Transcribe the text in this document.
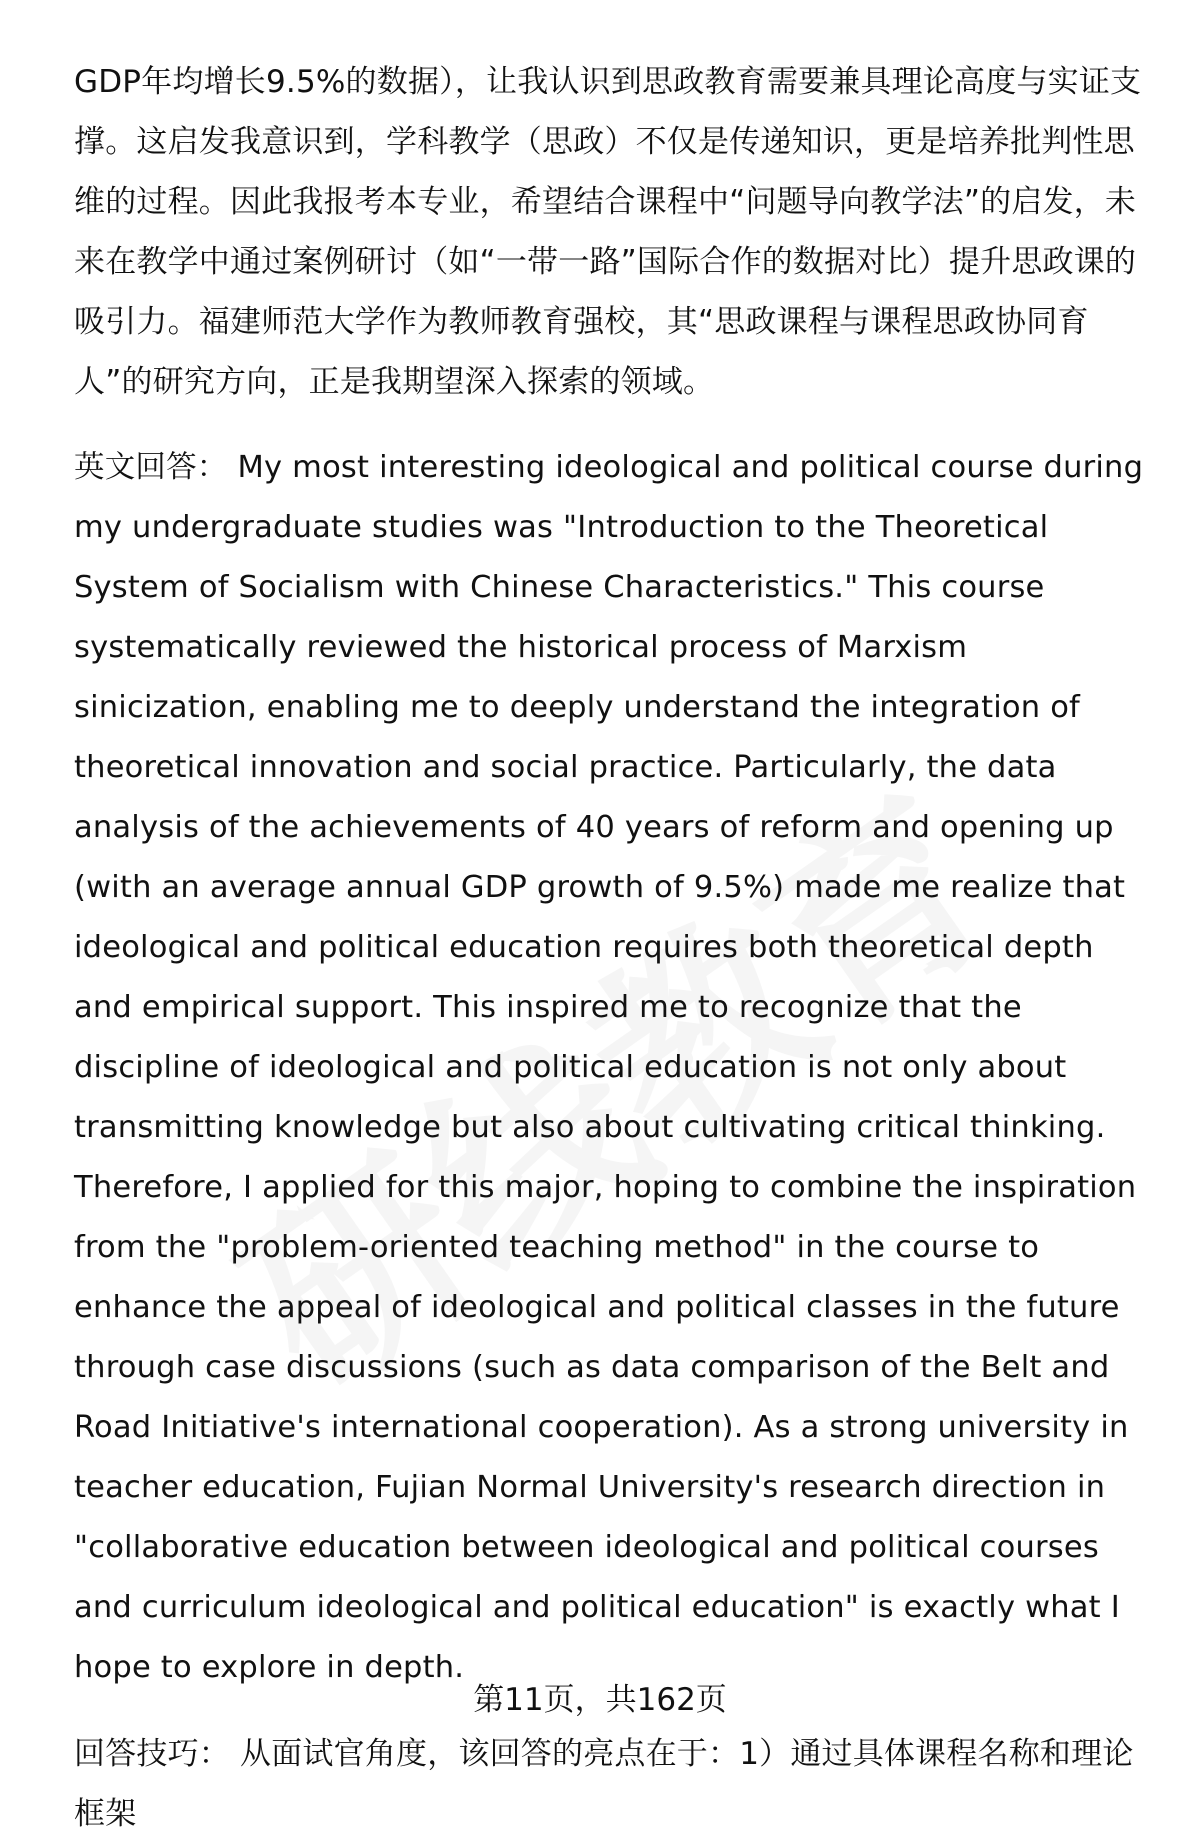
GDP年均增长9.5%的数据），让我认识到思政教育需要兼具理论高度与实证支撑。这启发我意识到，学科教学（思政）不仅是传递知识，更是培养批判性思维的过程。因此我报考本专业，希望结合课程中“问题导向教学法”的启发，未来在教学中通过案例研讨（如“一带一路”国际合作的数据对比）提升思政课的吸引力。福建师范大学作为教师教育强校，其“思政课程与课程思政协同育人”的研究方向，正是我期望深入探索的领域。

英文回答： My most interesting ideological and political course during my undergraduate studies was "Introduction to the Theoretical System of Socialism with Chinese Characteristics." This course systematically reviewed the historical process of Marxism sinicization, enabling me to deeply understand the integration of theoretical innovation and social practice. Particularly, the data analysis of the achievements of 40 years of reform and opening up (with an average annual GDP growth of 9.5%) made me realize that ideological and political education requires both theoretical depth and empirical support. This inspired me to recognize that the discipline of ideological and political education is not only about transmitting knowledge but also about cultivating critical thinking. Therefore, I applied for this major, hoping to combine the inspiration from the "problem-oriented teaching method" in the course to enhance the appeal of ideological and political classes in the future through case discussions (such as data comparison of the Belt and Road Initiative's international cooperation). As a strong university in teacher education, Fujian Normal University's research direction in "collaborative education between ideological and political courses and curriculum ideological and political education" is exactly what I hope to explore in depth.

回答技巧： 从面试官角度，该回答的亮点在于：1）通过具体课程名称和理论框架

第11页，共162页
